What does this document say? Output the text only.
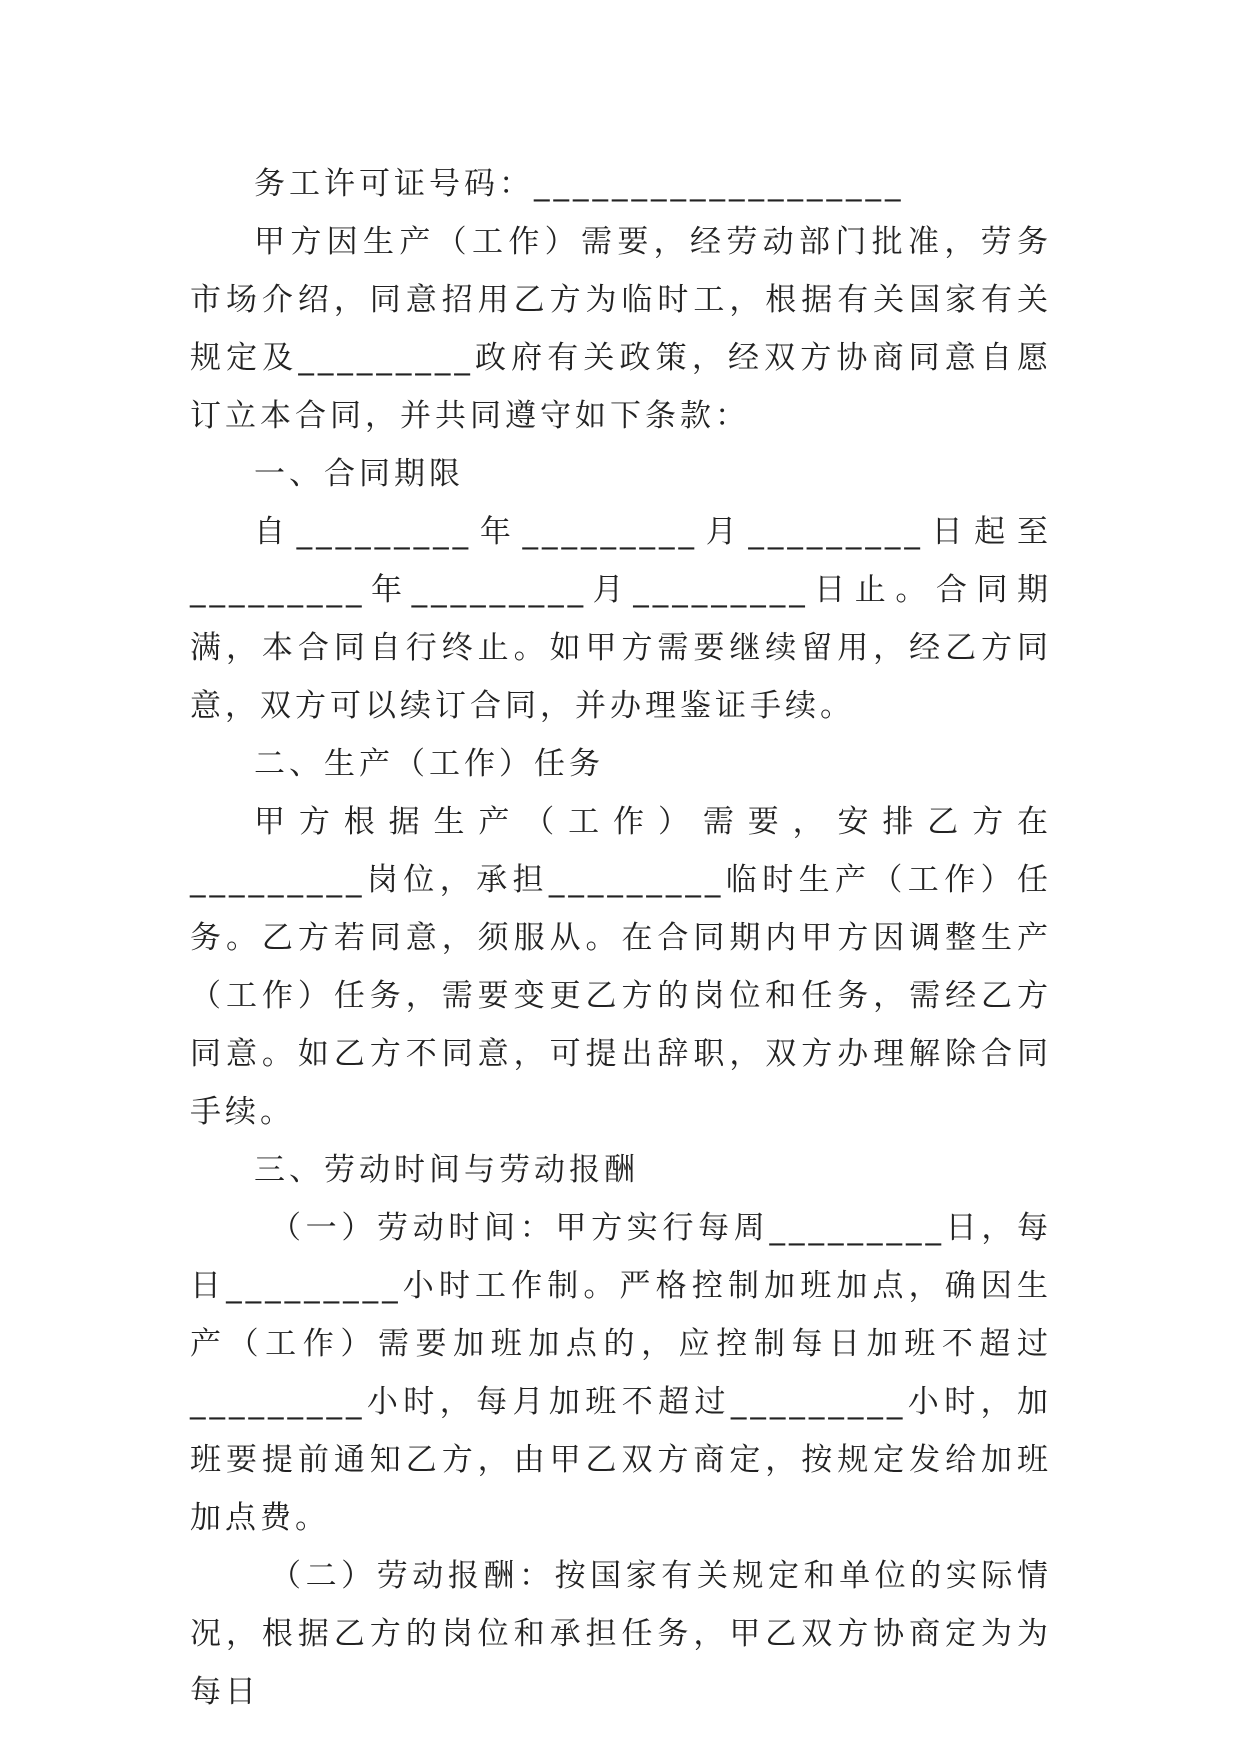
务工许可证号码：___________________

甲方因生产（工作）需要，经劳动部门批准，劳务市场介绍，同意招用乙方为临时工，根据有关国家有关规定及_________政府有关政策，经双方协商同意自愿订立本合同，并共同遵守如下条款：

一、合同期限

自_________年_________月_________日起至_________年_________月_________日止。合同期满，本合同自行终止。如甲方需要继续留用，经乙方同意，双方可以续订合同，并办理鉴证手续。

二、生产（工作）任务

甲方根据生产（工作）需要，安排乙方在_________岗位，承担_________临时生产（工作）任务。乙方若同意，须服从。在合同期内甲方因调整生产（工作）任务，需要变更乙方的岗位和任务，需经乙方同意。如乙方不同意，可提出辞职，双方办理解除合同手续。

三、劳动时间与劳动报酬

（一）劳动时间：甲方实行每周_________日，每日_________小时工作制。严格控制加班加点，确因生产（工作）需要加班加点的，应控制每日加班不超过_________小时，每月加班不超过_________小时，加班要提前通知乙方，由甲乙双方商定，按规定发给加班加点费。

（二）劳动报酬：按国家有关规定和单位的实际情况，根据乙方的岗位和承担任务，甲乙双方协商定为为每日
